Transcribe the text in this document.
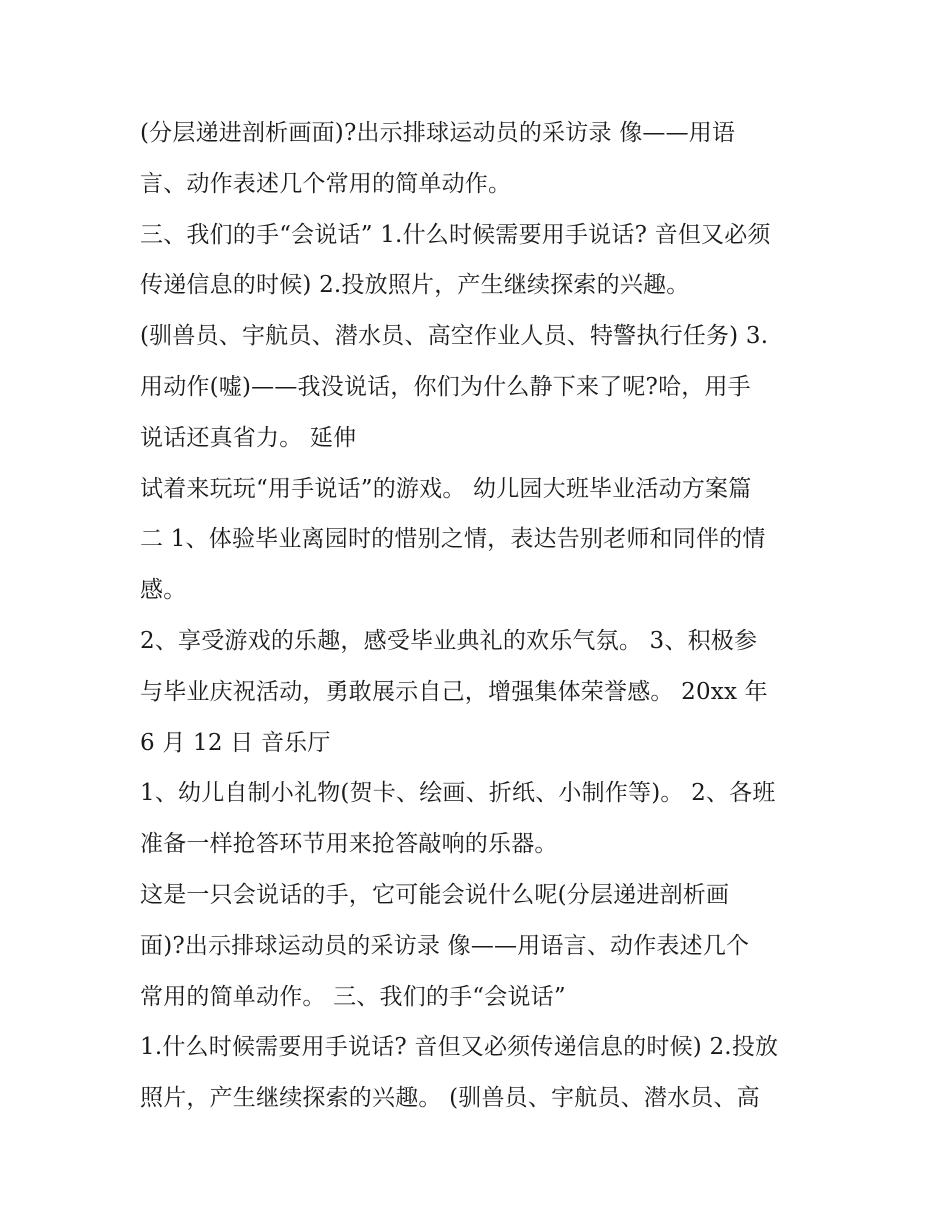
(分层递进剖析画面)?出示排球运动员的采访录 像——用语
言、动作表述几个常用的简单动作。
三、我们的手“会说话” 1.什么时候需要用手说话? 音但又必须
传递信息的时候) 2.投放照片，产生继续探索的兴趣。
(驯兽员、宇航员、潜水员、高空作业人员、特警执行任务) 3.
用动作(嘘)——我没说话，你们为什么静下来了呢?哈，用手
说话还真省力。 延伸
试着来玩玩“用手说话”的游戏。 幼儿园大班毕业活动方案篇
二 1、体验毕业离园时的惜别之情，表达告别老师和同伴的情
感。
2、享受游戏的乐趣，感受毕业典礼的欢乐气氛。 3、积极参
与毕业庆祝活动，勇敢展示自己，增强集体荣誉感。 20xx 年
6 月 12 日 音乐厅
1、幼儿自制小礼物(贺卡、绘画、折纸、小制作等)。 2、各班
准备一样抢答环节用来抢答敲响的乐器。
这是一只会说话的手，它可能会说什么呢(分层递进剖析画
面)?出示排球运动员的采访录 像——用语言、动作表述几个
常用的简单动作。 三、我们的手“会说话”
1.什么时候需要用手说话? 音但又必须传递信息的时候) 2.投放
照片，产生继续探索的兴趣。 (驯兽员、宇航员、潜水员、高
